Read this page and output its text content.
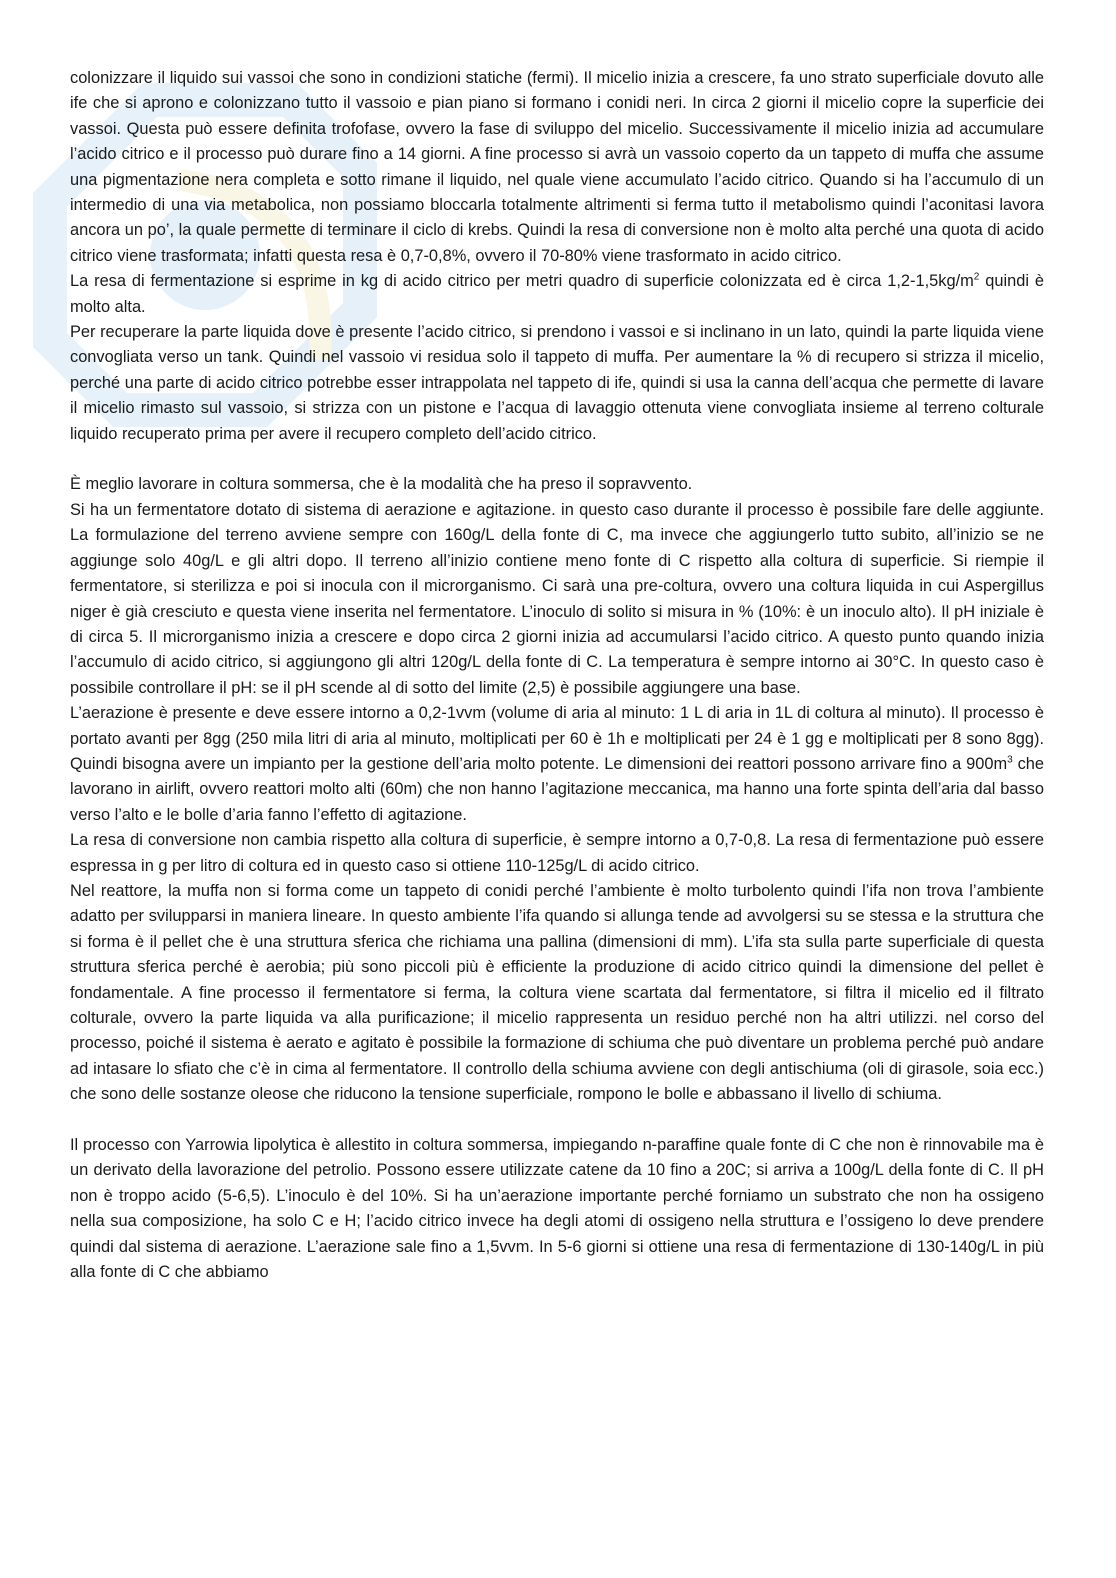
colonizzare il liquido sui vassoi che sono in condizioni statiche (fermi). Il micelio inizia a crescere, fa uno strato superficiale dovuto alle ife che si aprono e colonizzano tutto il vassoio e pian piano si formano i conidi neri. In circa 2 giorni il micelio copre la superficie dei vassoi. Questa può essere definita trofofase, ovvero la fase di sviluppo del micelio. Successivamente il micelio inizia ad accumulare l’acido citrico e il processo può durare fino a 14 giorni. A fine processo si avrà un vassoio coperto da un tappeto di muffa che assume una pigmentazione nera completa e sotto rimane il liquido, nel quale viene accumulato l’acido citrico. Quando si ha l’accumulo di un intermedio di una via metabolica, non possiamo bloccarla totalmente altrimenti si ferma tutto il metabolismo quindi l’aconitasi lavora ancora un po’, la quale permette di terminare il ciclo di krebs. Quindi la resa di conversione non è molto alta perché una quota di acido citrico viene trasformata; infatti questa resa è 0,7-0,8%, ovvero il 70-80% viene trasformato in acido citrico.

La resa di fermentazione si esprime in kg di acido citrico per metri quadro di superficie colonizzata ed è circa $1,2-1,5kg/m^2$ quindi è molto alta.

Per recuperare la parte liquida dove è presente l’acido citrico, si prendono i vassoi e si inclinano in un lato, quindi la parte liquida viene convogliata verso un tank. Quindi nel vassoio vi residua solo il tappeto di muffa. Per aumentare la % di recupero si strizza il micelio, perché una parte di acido citrico potrebbe esser intrappolata nel tappeto di ife, quindi si usa la canna dell’acqua che permette di lavare il micelio rimasto sul vassoio, si strizza con un pistone e l’acqua di lavaggio ottenuta viene convogliata insieme al terreno colturale liquido recuperato prima per avere il recupero completo dell’acido citrico.

È meglio lavorare in coltura sommersa, che è la modalità che ha preso il sopravvento.

Si ha un fermentatore dotato di sistema di aerazione e agitazione. in questo caso durante il processo è possibile fare delle aggiunte. La formulazione del terreno avviene sempre con 160g/L della fonte di C, ma invece che aggiungerlo tutto subito, all’inizio se ne aggiunge solo 40g/L e gli altri dopo. Il terreno all’inizio contiene meno fonte di C rispetto alla coltura di superficie. Si riempie il fermentatore, si sterilizza e poi si inocula con il microrganismo. Ci sarà una pre-coltura, ovvero una coltura liquida in cui Aspergillus niger è già cresciuto e questa viene inserita nel fermentatore. L’inoculo di solito si misura in % (10%: è un inoculo alto). Il pH iniziale è di circa 5. Il microrganismo inizia a crescere e dopo circa 2 giorni inizia ad accumularsi l’acido citrico. A questo punto quando inizia l’accumulo di acido citrico, si aggiungono gli altri 120g/L della fonte di C. La temperatura è sempre intorno ai 30°C. In questo caso è possibile controllare il pH: se il pH scende al di sotto del limite (2,5) è possibile aggiungere una base.

L’aerazione è presente e deve essere intorno a 0,2-1vvm (volume di aria al minuto: 1 L di aria in 1L di coltura al minuto). Il processo è portato avanti per 8gg (250 mila litri di aria al minuto, moltiplicati per 60 è 1h e moltiplicati per 24 è 1 gg e moltiplicati per 8 sono 8gg). Quindi bisogna avere un impianto per la gestione dell’aria molto potente. Le dimensioni dei reattori possono arrivare fino a $900m^3$ che lavorano in airlift, ovvero reattori molto alti (60m) che non hanno l’agitazione meccanica, ma hanno una forte spinta dell’aria dal basso verso l’alto e le bolle d’aria fanno l’effetto di agitazione.

La resa di conversione non cambia rispetto alla coltura di superficie, è sempre intorno a 0,7-0,8. La resa di fermentazione può essere espressa in g per litro di coltura ed in questo caso si ottiene 110-125g/L di acido citrico.

Nel reattore, la muffa non si forma come un tappeto di conidi perché l’ambiente è molto turbolento quindi l’ifa non trova l’ambiente adatto per svilupparsi in maniera lineare. In questo ambiente l’ifa quando si allunga tende ad avvolgersi su se stessa e la struttura che si forma è il pellet che è una struttura sferica che richiama una pallina (dimensioni di mm). L’ifa sta sulla parte superficiale di questa struttura sferica perché è aerobia; più sono piccoli più è efficiente la produzione di acido citrico quindi la dimensione del pellet è fondamentale. A fine processo il fermentatore si ferma, la coltura viene scartata dal fermentatore, si filtra il micelio ed il filtrato colturale, ovvero la parte liquida va alla purificazione; il micelio rappresenta un residuo perché non ha altri utilizzi. nel corso del processo, poiché il sistema è aerato e agitato è possibile la formazione di schiuma che può diventare un problema perché può andare ad intasare lo sfiato che c’è in cima al fermentatore. Il controllo della schiuma avviene con degli antischiuma (oli di girasole, soia ecc.) che sono delle sostanze oleose che riducono la tensione superficiale, rompono le bolle e abbassano il livello di schiuma.

Il processo con Yarrowia lipolytica è allestito in coltura sommersa, impiegando n-paraffine quale fonte di C che non è rinnovabile ma è un derivato della lavorazione del petrolio. Possono essere utilizzate catene da 10 fino a 20C; si arriva a 100g/L della fonte di C. Il pH non è troppo acido (5-6,5). L’inoculo è del 10%. Si ha un’aerazione importante perché forniamo un substrato che non ha ossigeno nella sua composizione, ha solo C e H; l’acido citrico invece ha degli atomi di ossigeno nella struttura e l’ossigeno lo deve prendere quindi dal sistema di aerazione. L’aerazione sale fino a 1,5vvm. In 5-6 giorni si ottiene una resa di fermentazione di 130-140g/L in più alla fonte di C che abbiamo
